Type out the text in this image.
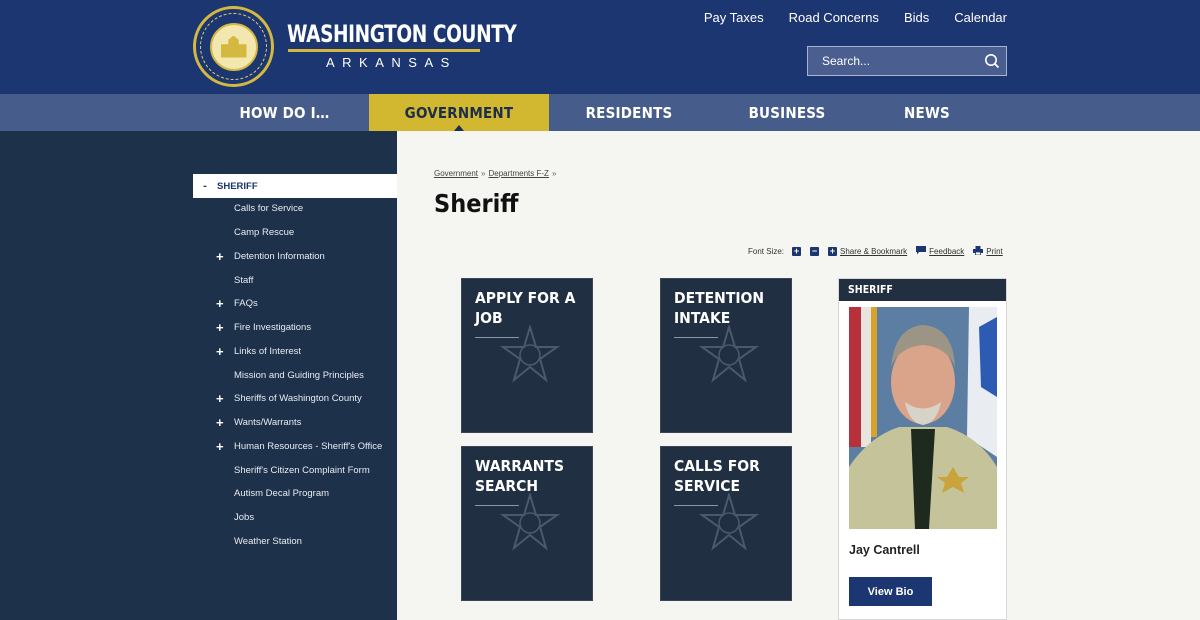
WASHINGTON COUNTY
ARKANSAS
Pay Taxes Road Concerns Bids Calendar
Search...
HOW DO I…	GOVERNMENT	RESIDENTS	BUSINESS	NEWS
-	SHERIFF
Calls for Service
Camp Rescue
+ Detention Information
Staff
+ FAQs
+ Fire Investigations
+ Links of Interest
Mission and Guiding Principles
+ Sheriffs of Washington County
+ Wants/Warrants
+ Human Resources - Sheriff's Office
Sheriff's Citizen Complaint Form
Autism Decal Program
Jobs
Weather Station
Government » Departments F-Z »
Sheriff
Font Size: + − + Share & Bookmark	Feedback	Print
APPLY FOR A JOB
DETENTION INTAKE
WARRANTS SEARCH
CALLS FOR SERVICE
SHERIFF
Jay Cantrell
View Bio
